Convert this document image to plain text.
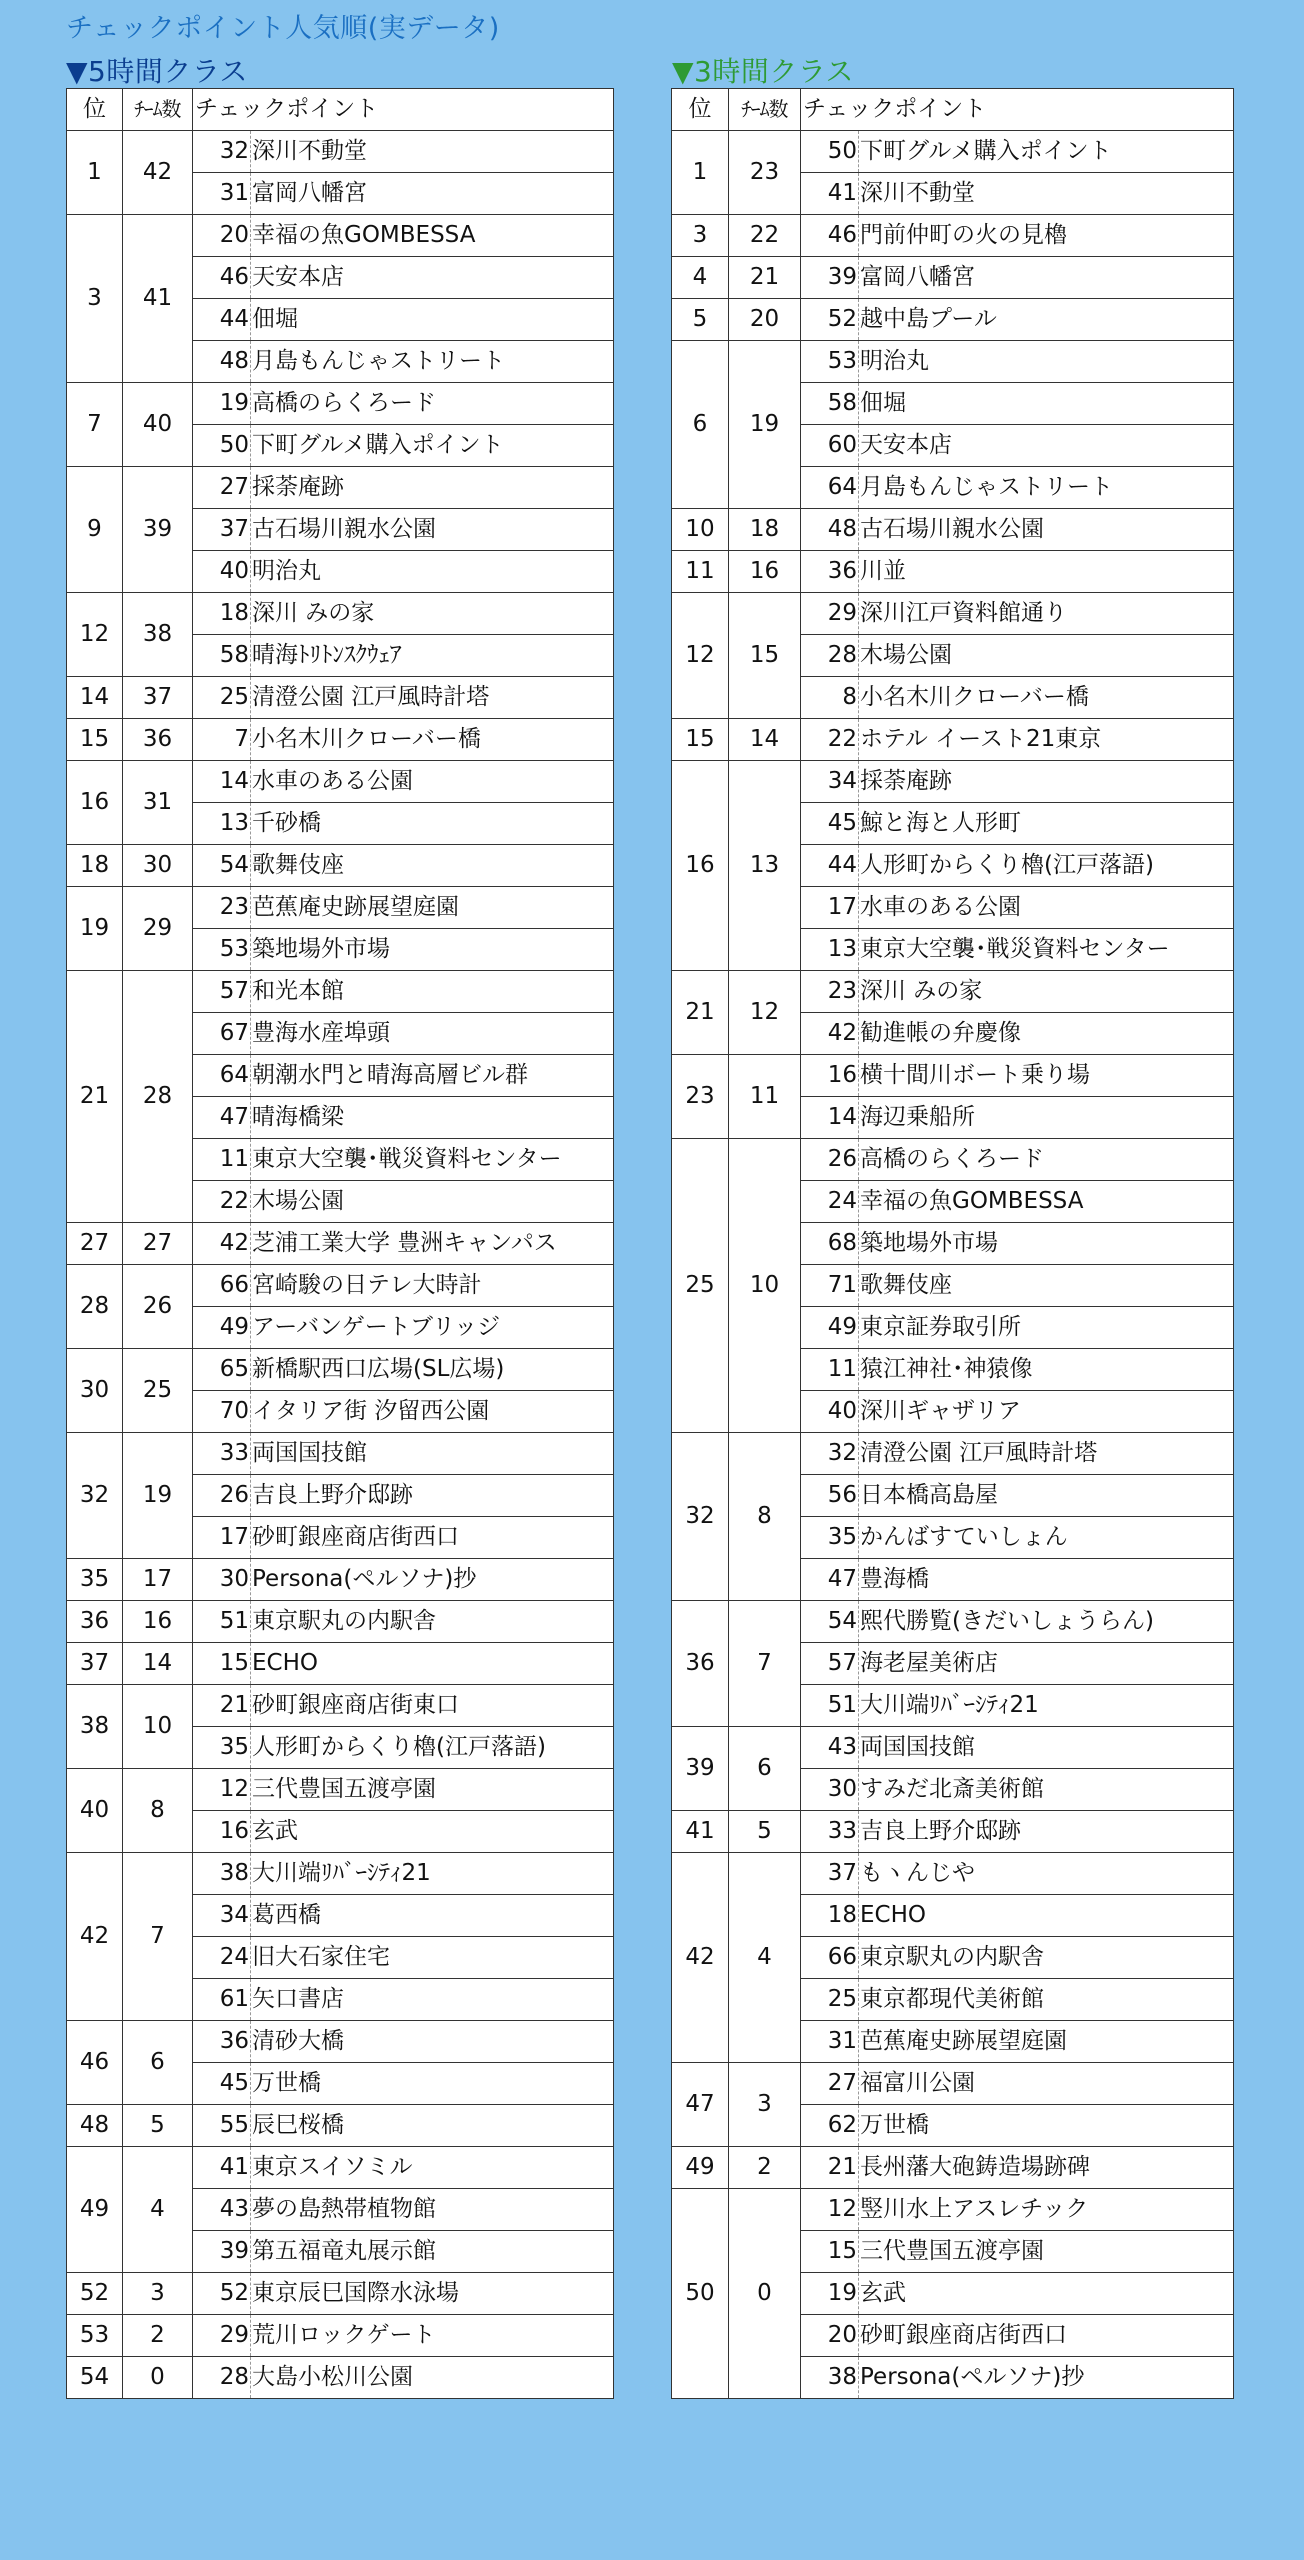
チェックポイント人気順(実データ)
▼5時間クラス
位	ﾁｰﾑ数	チェックポイント	
1	42	32	深川不動堂
		31	富岡八幡宮
3	41	20	幸福の魚GOMBESSA
		46	天安本店
		44	佃堀
		48	月島もんじゃストリート
7	40	19	高橋のらくろード
		50	下町グルメ購入ポイント
9	39	27	採荼庵跡
		37	古石場川親水公園
		40	明治丸
12	38	18	深川 みの家
		58	晴海ﾄﾘﾄﾝｽｸｳｪｱ
14	37	25	清澄公園 江戸風時計塔
15	36	7	小名木川クローバー橋
16	31	14	水車のある公園
		13	千砂橋
18	30	54	歌舞伎座
19	29	23	芭蕉庵史跡展望庭園
		53	築地場外市場
21	28	57	和光本館
		67	豊海水産埠頭
		64	朝潮水門と晴海高層ビル群
		47	晴海橋梁
		11	東京大空襲･戦災資料センター
		22	木場公園
27	27	42	芝浦工業大学 豊洲キャンパス
28	26	66	宮崎駿の日テレ大時計
		49	アーバンゲートブリッジ
30	25	65	新橋駅西口広場(SL広場)
		70	イタリア街 汐留西公園
32	19	33	両国国技館
		26	吉良上野介邸跡
		17	砂町銀座商店街西口
35	17	30	Persona(ペルソナ)抄
36	16	51	東京駅丸の内駅舎
37	14	15	ECHO
38	10	21	砂町銀座商店街東口
		35	人形町からくり櫓(江戸落語)
40	8	12	三代豊国五渡亭園
		16	玄武
42	7	38	大川端ﾘﾊﾞｰｼﾃｨ21
		34	葛西橋
		24	旧大石家住宅
		61	矢口書店
46	6	36	清砂大橋
		45	万世橋
48	5	55	辰巳桜橋
49	4	41	東京スイソミル
		43	夢の島熱帯植物館
		39	第五福竜丸展示館
52	3	52	東京辰巳国際水泳場
53	2	29	荒川ロックゲート
54	0	28	大島小松川公園
▼3時間クラス
位	ﾁｰﾑ数	チェックポイント	
1	23	50	下町グルメ購入ポイント
		41	深川不動堂
3	22	46	門前仲町の火の見櫓
4	21	39	富岡八幡宮
5	20	52	越中島プール
6	19	53	明治丸
		58	佃堀
		60	天安本店
		64	月島もんじゃストリート
10	18	48	古石場川親水公園
11	16	36	川並
12	15	29	深川江戸資料館通り
		28	木場公園
		8	小名木川クローバー橋
15	14	22	ホテル イースト21東京
16	13	34	採荼庵跡
		45	鯨と海と人形町
		44	人形町からくり櫓(江戸落語)
		17	水車のある公園
		13	東京大空襲･戦災資料センター
21	12	23	深川 みの家
		42	勧進帳の弁慶像
23	11	16	横十間川ボート乗り場
		14	海辺乗船所
25	10	26	高橋のらくろード
		24	幸福の魚GOMBESSA
		68	築地場外市場
		71	歌舞伎座
		49	東京証券取引所
		11	猿江神社･神猿像
		40	深川ギャザリア
32	8	32	清澄公園 江戸風時計塔
		56	日本橋高島屋
		35	かんばすていしょん
		47	豊海橋
36	7	54	熙代勝覧(きだいしょうらん)
		57	海老屋美術店
		51	大川端ﾘﾊﾞｰｼﾃｨ21
39	6	43	両国国技館
		30	すみだ北斎美術館
41	5	33	吉良上野介邸跡
42	4	37	もヽんじや
		18	ECHO
		66	東京駅丸の内駅舎
		25	東京都現代美術館
		31	芭蕉庵史跡展望庭園
47	3	27	福富川公園
		62	万世橋
49	2	21	長州藩大砲鋳造場跡碑
50	0	12	竪川水上アスレチック
		15	三代豊国五渡亭園
		19	玄武
		20	砂町銀座商店街西口
		38	Persona(ペルソナ)抄
